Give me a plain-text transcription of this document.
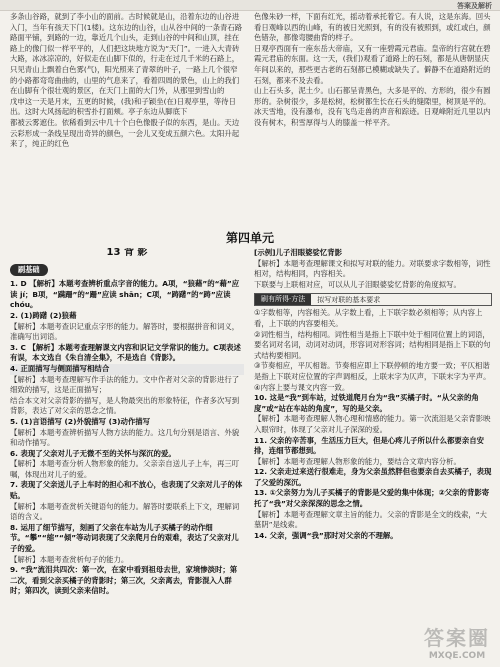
答案及解析

多条山谷路，就到了李小山的面前。古时候就是山，沿着东边的山谷进入门，当年有孩天下门(1楼)。这东边的山谷，山从谷中间的一条青石路

路面平铺，到路的一边，靠近几个山头，走到山谷的中间和山顶，挂在路上的像门似一样平平的，人们把这块地方说为“天门”。一进入大青砖大路，冰冰凉凉的，好似走在山脚下似的，行走在过几千米的石路上，

只见青山上飘着白色雾(气)，阳光照来了青翠的叶子，一路上几个很窄的小路都弯弯曲曲的，山里的气息来了，看着四周的景色，山上的我们

在山脚有个很壮观的景区，在天门上面的大门外，从那里到雪山的

戊申这一天是月末，五更的时候，(我)和子颖坐(在)日观亭里，等待日出。这时大风扬起的积雪扑打面颊。亭子东边从脚底下

都被云雾遮住。依稀看到云中几十个白色像骰子似的东西，是山。天边云彩形成一条线呈现出奇异的颜色，一会儿又变成五颜六色。太阳升起来了，纯正的红色

色像朱砂一样，下面有红光，摇动着承托着它。有人说，这是东海。回头看日观峰以西的山峰，有的被日光照到，有的没有被照到，或红或白，颜色错杂，都像弯腰曲背的样子。

日观亭西面有一座东岳大帝庙，又有一座碧霞元君庙。皇帝的行宫就在碧霞元君庙的东面。这一天，(我们)观看了道路上的石刻，都是从唐朝显庆年间以来的，那些更古老的石刻都已模糊或缺失了。僻静不在道路附近的石刻，都来不及去看。

山上石头多，泥土少。山石都呈青黑色，大多是平的、方形的，很少有圆形的。杂树很少，多是松树，松树都生长在石头的缝隙里，树顶是平的。冰天雪地，没有瀑布，没有飞鸟走兽的声音和踪迹。日观峰附近几里以内没有树木，积雪厚得与人的膝盖一样平齐。

第四单元
13 背 影
刷基础

1. D 【解析】本题考查辨析重点字音的能力。A项，“狼藉”的“藉”应读 jí；B项，“蹒跚”的“跚”应读 shān；C项，“踌躇”的“踌”应读 chóu。

2. (1)踌躇 (2)狼藉

【解析】本题考查识记重点字形的能力。解答时，要根据拼音和词义，准确写出词语。

3. C 【解析】本题考查理解课文内容和识记文学常识的能力。C项表述有误，本文选自《朱自清全集》，不是选自《背影》。

4. 正面描写与侧面描写相结合

【解析】本题考查理解写作手法的能力。文中作者对父亲的背影进行了细致的描写，这是正面描写；

结合本文对父亲背影的描写，是人物最突出的形象特征，作者多次写到背影，表达了对父亲的思念之情。

5. (1)言语描写 (2)外貌描写 (3)动作描写

【解析】本题考查辨析描写人物方法的能力。这几句分别是语言、外貌和动作描写。

6. 表现了父亲对儿子无微不至的关怀与深沉的爱。

【解析】本题考查分析人物形象的能力。父亲亲自送儿子上车，再三叮嘱，体现出对儿子的爱。

7. 表现了父亲送儿子上车时的担心和不放心，也表现了父亲对儿子的体贴。

【解析】本题考查赏析关键语句的能力。解答时要联系上下文，理解词语的含义。

8. 运用了细节描写，刻画了父亲在车站为儿子买橘子的动作细节。“攀”“缩”“倾”等动词表现了父亲爬月台的艰难，表达了父亲对儿子的爱。

【解析】本题考查赏析句子的能力。

9. “我”流泪共四次：第一次，在家中看到祖母去世，家境惨淡时；第二次，看到父亲买橘子的背影时；第三次，父亲离去，背影混入人群时；第四次，读到父亲来信时。

[示例]儿子泪眼婆娑忆背影

【解析】本题考查理解课文和拟写对联的能力。对联要求字数相等，词性相对，结构相同，内容相关。

下联要与上联相对应，可以从儿子泪眼婆娑忆背影的角度拟写。

刷有所得·方法	拟写对联的基本要求

①字数相等，内容相关。从字数上看，上下联字数必须相等；从内容上看，上下联的内容要相关。

②词性相当，结构相同。词性相当是指上下联中处于相同位置上的词语，要名词对名词，动词对动词，形容词对形容词；结构相同是指上下联的句式结构要相同。

③节奏相应，平仄相谐。节奏相应即上下联停顿的地方要一致；平仄相谐是指上下联对应位置的字声调相反，上联末字为仄声，下联末字为平声。

④内容上要与课文内容一致。

10. 这是“我”到车站，过铁道爬月台为“我”买橘子时。“从父亲的角度”或“站在车站的角度”，写的是父亲。

【解析】本题考查理解人物心理和情感的能力。第一次流泪是父亲背影映入眼帘时，体现了父亲对儿子深深的爱。

11. 父亲的辛苦事，生活压力巨大，但是心疼儿子所以什么都要亲自安排，连细节都想到。

【解析】本题考查理解人物形象的能力，要结合文章内容分析。

12. 父亲走过来送行很难走，身为父亲虽然胖但也要亲自去买橘子，表现了父爱的深沉。

13. ①父亲努力为儿子买橘子的背影是父爱的集中体现；②父亲的背影寄托了“我”对父亲深深的思念之情。

【解析】本题考查理解文章主旨的能力。父亲的背影是全文的线索，“大墓阴”是线索。

14. 父亲，强调“我”那时对父亲的不理解。

答案圈
MXQE.COM
